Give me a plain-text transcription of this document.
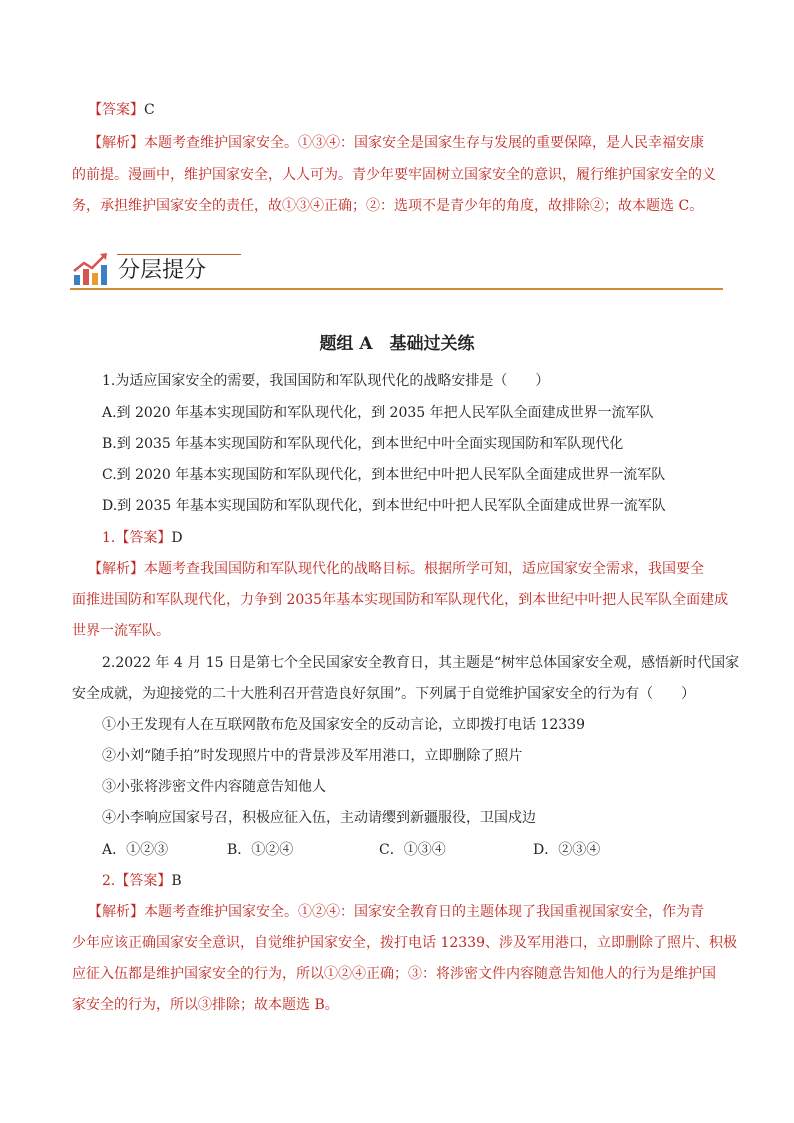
【答案】C
【解析】本题考查维护国家安全。①③④：国家安全是国家生存与发展的重要保障，是人民幸福安康
的前提。漫画中，维护国家安全，人人可为。青少年要牢固树立国家安全的意识，履行维护国家安全的义
务，承担维护国家安全的责任，故①③④正确；②：选项不是青少年的角度，故排除②；故本题选 C。
分层提分
题组 A　基础过关练
1.为适应国家安全的需要，我国国防和军队现代化的战略安排是（　　）
A.到 2020 年基本实现国防和军队现代化，到 2035 年把人民军队全面建成世界一流军队
B.到 2035 年基本实现国防和军队现代化，到本世纪中叶全面实现国防和军队现代化
C.到 2020 年基本实现国防和军队现代化，到本世纪中叶把人民军队全面建成世界一流军队
D.到 2035 年基本实现国防和军队现代化，到本世纪中叶把人民军队全面建成世界一流军队
1.【答案】D
【解析】本题考查我国国防和军队现代化的战略目标。根据所学可知，适应国家安全需求，我国要全
面推进国防和军队现代化，力争到 2035年基本实现国防和军队现代化，到本世纪中叶把人民军队全面建成
世界一流军队。
2.2022 年 4 月 15 日是第七个全民国家安全教育日，其主题是“树牢总体国家安全观，感悟新时代国家
安全成就，为迎接党的二十大胜利召开营造良好氛围”。下列属于自觉维护国家安全的行为有（　　）
①小王发现有人在互联网散布危及国家安全的反动言论，立即拨打电话 12339
②小刘“随手拍”时发现照片中的背景涉及军用港口，立即删除了照片
③小张将涉密文件内容随意告知他人
④小李响应国家号召，积极应征入伍，主动请缨到新疆服役，卫国戍边
A．①②③	B．①②④	C．①③④	D．②③④
2.【答案】B
【解析】本题考查维护国家安全。①②④：国家安全教育日的主题体现了我国重视国家安全，作为青
少年应该正确国家安全意识，自觉维护国家安全，拨打电话 12339、涉及军用港口，立即删除了照片、积极
应征入伍都是维护国家安全的行为，所以①②④正确；③：将涉密文件内容随意告知他人的行为是维护国
家安全的行为，所以③排除；故本题选 B。
